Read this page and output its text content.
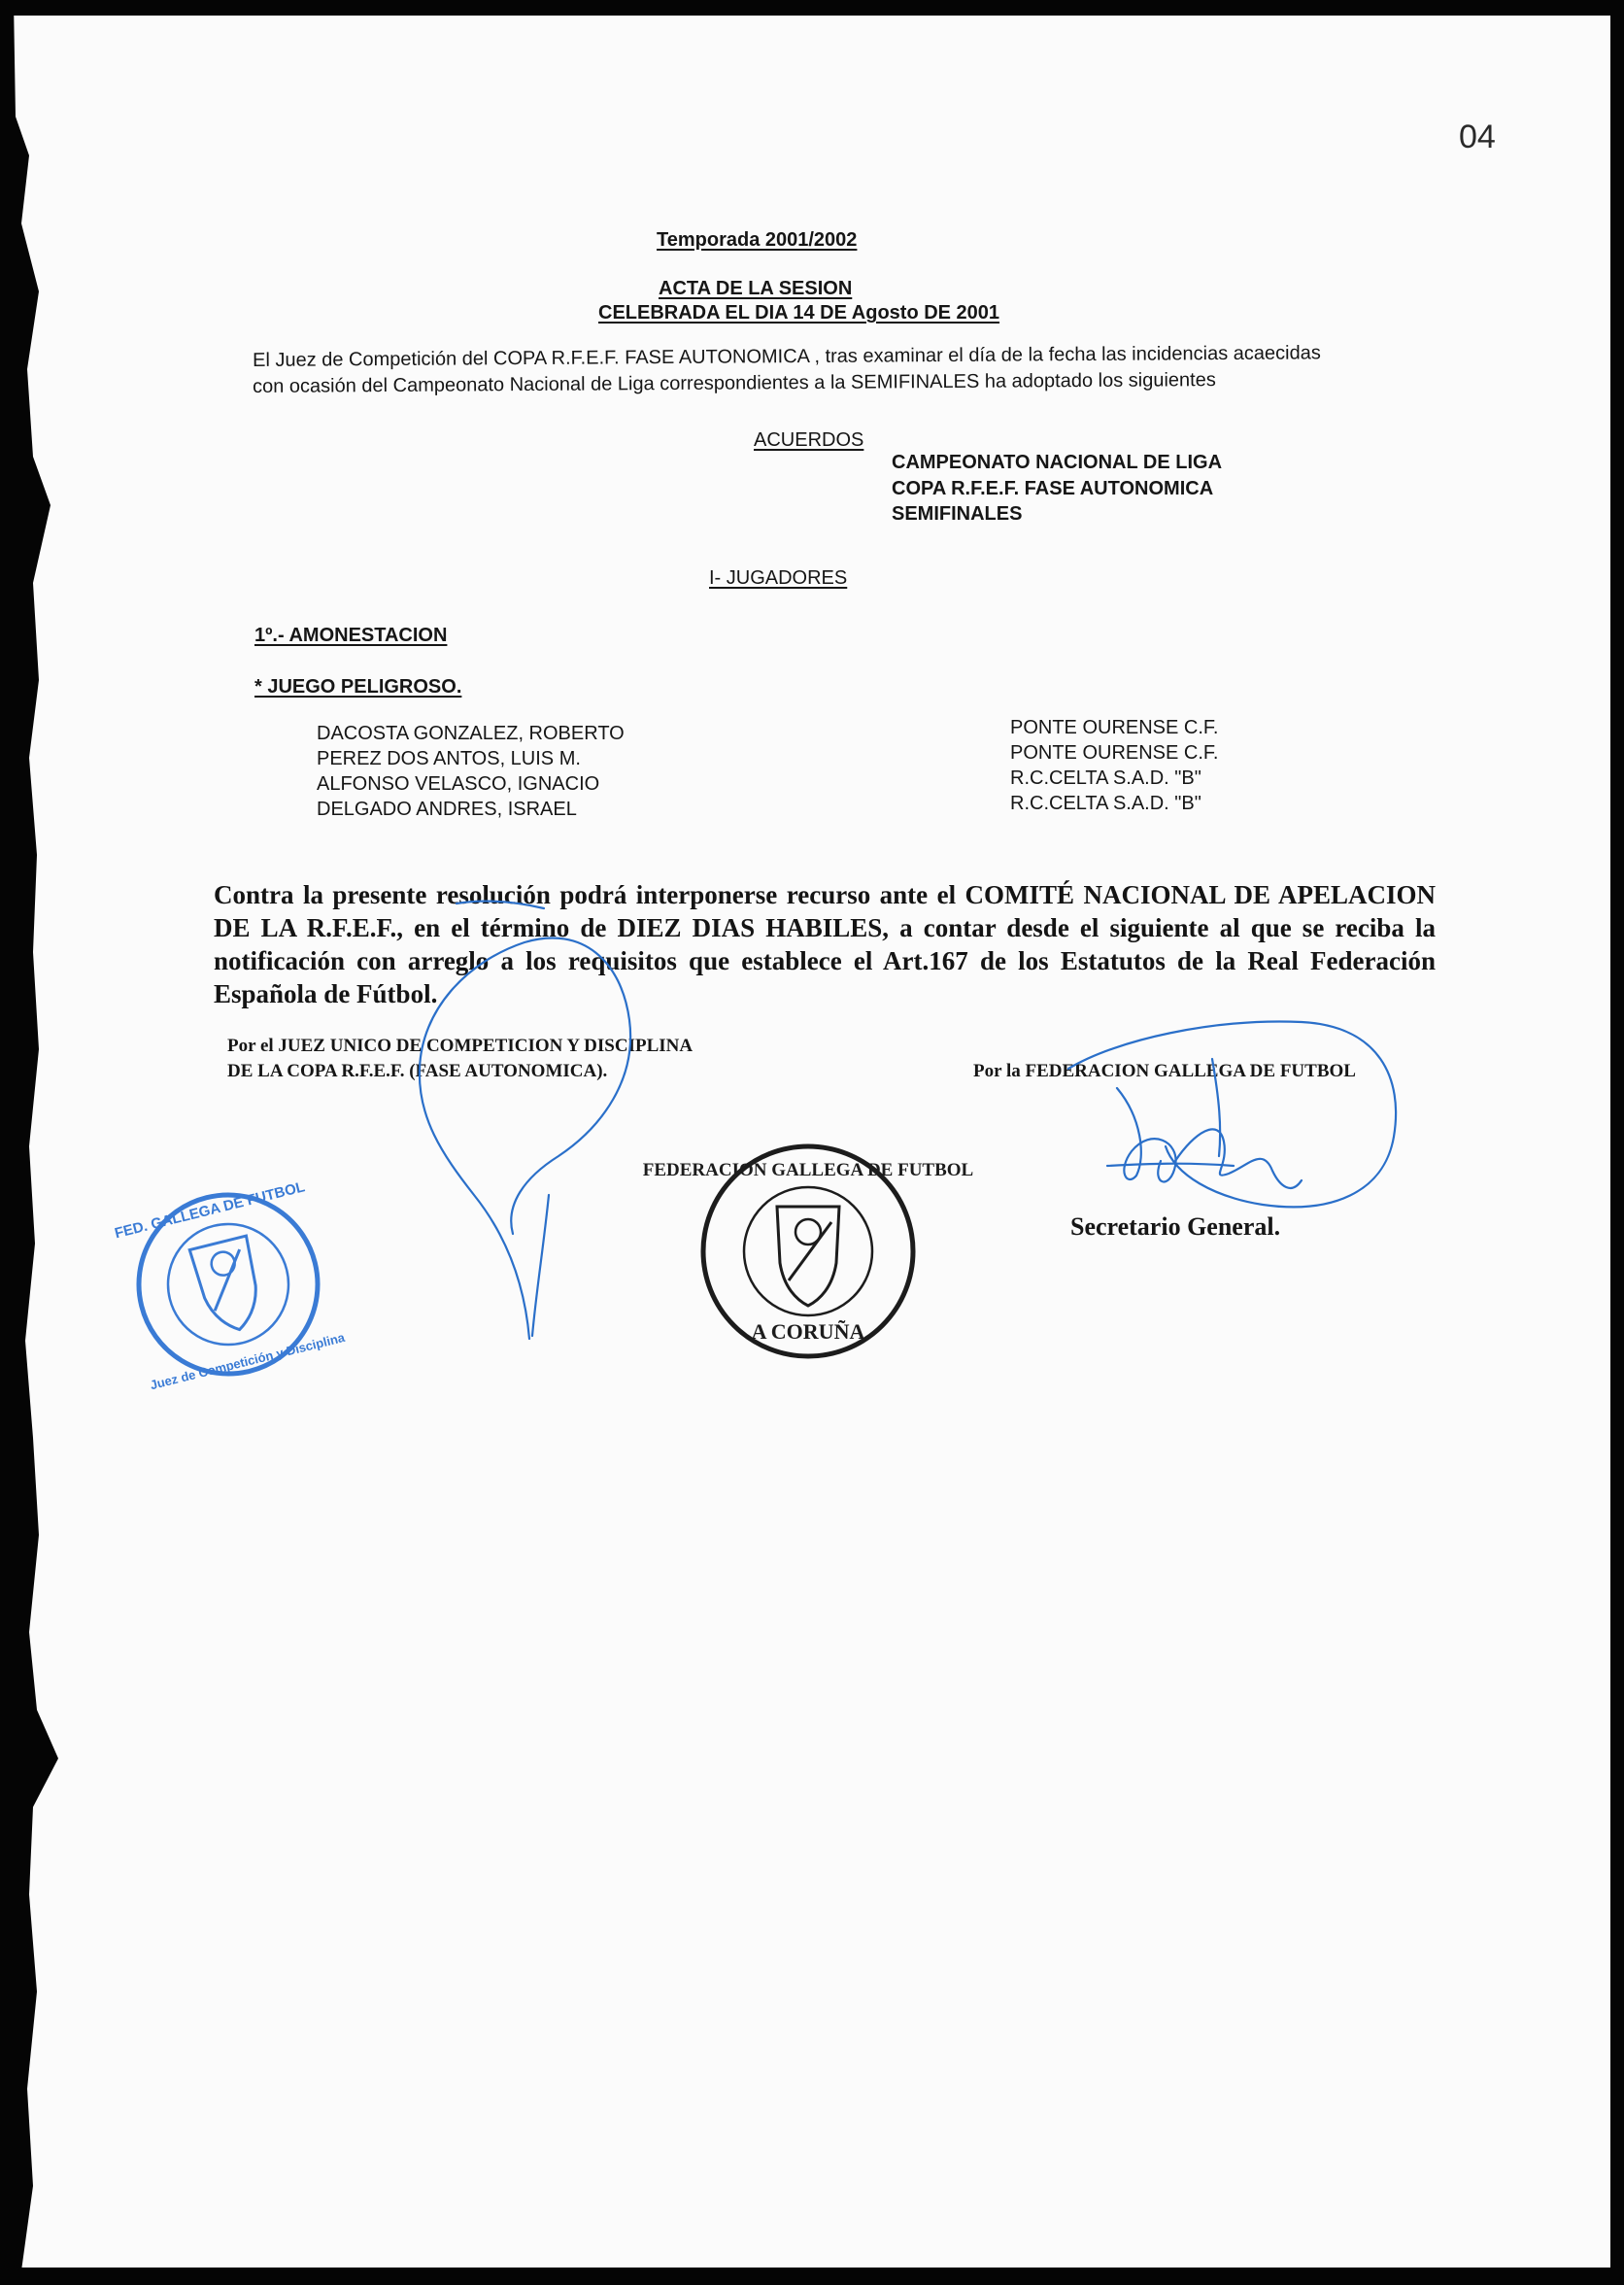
04
Temporada 2001/2002
ACTA DE LA SESION
CELEBRADA EL DIA 14 DE Agosto DE 2001
El Juez de Competición del COPA R.F.E.F. FASE AUTONOMICA , tras examinar el día de la fecha las incidencias acaecidas
con ocasión del Campeonato Nacional de Liga correspondientes a la SEMIFINALES ha adoptado los siguientes
ACUERDOS
CAMPEONATO NACIONAL DE LIGA
COPA R.F.E.F. FASE AUTONOMICA
SEMIFINALES
I- JUGADORES
1º.- AMONESTACION
* JUEGO PELIGROSO.
DACOSTA GONZALEZ, ROBERTO
PEREZ DOS ANTOS, LUIS M.
ALFONSO VELASCO, IGNACIO
DELGADO ANDRES, ISRAEL
PONTE OURENSE C.F.
PONTE OURENSE C.F.
R.C.CELTA S.A.D. "B"
R.C.CELTA S.A.D. "B"
Contra la presente resolución podrá interponerse recurso ante el COMITÉ NACIONAL DE APELACION DE LA R.F.E.F., en el término de DIEZ DIAS HABILES, a contar desde el siguiente al que se reciba la notificación con arreglo a los requisitos que establece el Art.167 de los Estatutos de la Real Federación Española de Fútbol.
Por el JUEZ UNICO DE COMPETICION Y DISCIPLINA
DE LA COPA R.F.E.F. (FASE AUTONOMICA).	Por la FEDERACION GALLEGA DE FUTBOL
Secretario General.
FED. GALLEGA DE FUTBOL
Juez de Competición y Disciplina
FEDERACION GALLEGA DE FUTBOL
A CORUÑA
